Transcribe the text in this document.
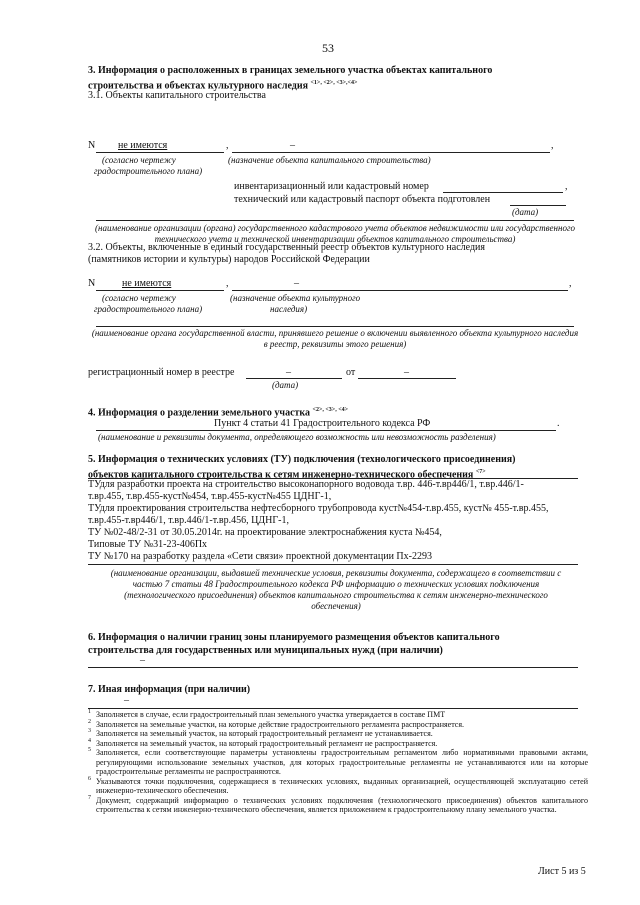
53
3. Информация о расположенных в границах земельного участка объектах капитального
строительства и объектах культурного наследия $^{<1>, <2>, <3>,<4>}$
3.1. Объекты капитального строительства
N не имеются	,	–	,
(согласно чертежу
градостроительного плана)
(назначение объекта капитального строительства)
инвентаризационный или кадастровый номер	,
технический или кадастровый паспорт объекта подготовлен
(дата)
(наименование организации (органа) государственного кадастрового учета объектов недвижимости или государственного технического учета и технической инвентаризации объектов капитального строительства)
3.2. Объекты, включенные в единый государственный реестр объектов культурного наследия
(памятников истории и культуры) народов Российской Федерации
N	не имеются	,	–	,
(согласно чертежу
градостроительного плана)
(назначение объекта культурного
наследия)
(наименование органа государственной власти, принявшего решение о включении выявленного объекта культурного наследия в реестр, реквизиты этого решения)
регистрационный номер в реестре	–	от	–
(дата)
4. Информация о разделении земельного участка $^{<2>, <3>, <4>}$
Пункт 4 статьи 41 Градостроительного кодекса РФ	.
(наименование и реквизиты документа, определяющего возможность или невозможность разделения)
5. Информация о технических условиях (ТУ) подключения (технологического присоединения)
объектов капитального строительства к сетям инженерно-технического обеспечения $^{<7>}$
ТУдля разработки проекта на строительство высоконапорного водовода т.вр. 446-т.вр446/1, т.вр.446/1-
т.вр.455, т.вр.455-куст№454, т.вр.455-куст№455 ЦДНГ-1,
ТУдля проектирования строительства нефтесборного трубопровода куст№454-т.вр.455, куст№ 455-т.вр.455,
т.вр.455-т.вр446/1, т.вр.446/1-т.вр.456, ЦДНГ-1,
ТУ №02-48/2-31 от 30.05.2014г. на проектирование электроснабжения куста №454,
Типовые ТУ №31-23-406Пх
ТУ №170 на разработку раздела «Сети связи» проектной документации Пх-2293
(наименование организации, выдавшей технические условия, реквизиты документа, содержащего в соответствии с частью 7 статьи 48 Градостроительного кодекса РФ информацию о технических условиях подключения (технологического присоединения) объектов капитального строительства к сетям инженерно-технического обеспечения)
6. Информация о наличии границ зоны планируемого размещения объектов капитального
строительства для государственных или муниципальных нужд (при наличии)
–
7. Иная информация (при наличии)
–
1 Заполняется в случае, если градостроительный план земельного участка утверждается в составе ПМТ
2 Заполняется на земельные участки, на которые действие градостроительного регламента распространяется.
3 Заполняется на земельный участок, на который градостроительный регламент не устанавливается.
4 Заполняется на земельный участок, на который градостроительный регламент не распространяется.
5 Заполняется, если соответствующие параметры установлены градостроительным регламентом либо нормативными правовыми актами, регулирующими использование земельных участков, для которых градостроительные регламенты не устанавливаются или на которые градостроительные регламенты не распространяются.
6 Указываются точки подключения, содержащиеся в технических условиях, выданных организацией, осуществляющей эксплуатацию сетей инженерно-технического обеспечения.
7 Документ, содержащий информацию о технических условиях подключения (технологического присоединения) объектов капитального строительства к сетям инженерно-технического обеспечения, является приложением к градостроительному плану земельного участка.
Лист 5 из 5
